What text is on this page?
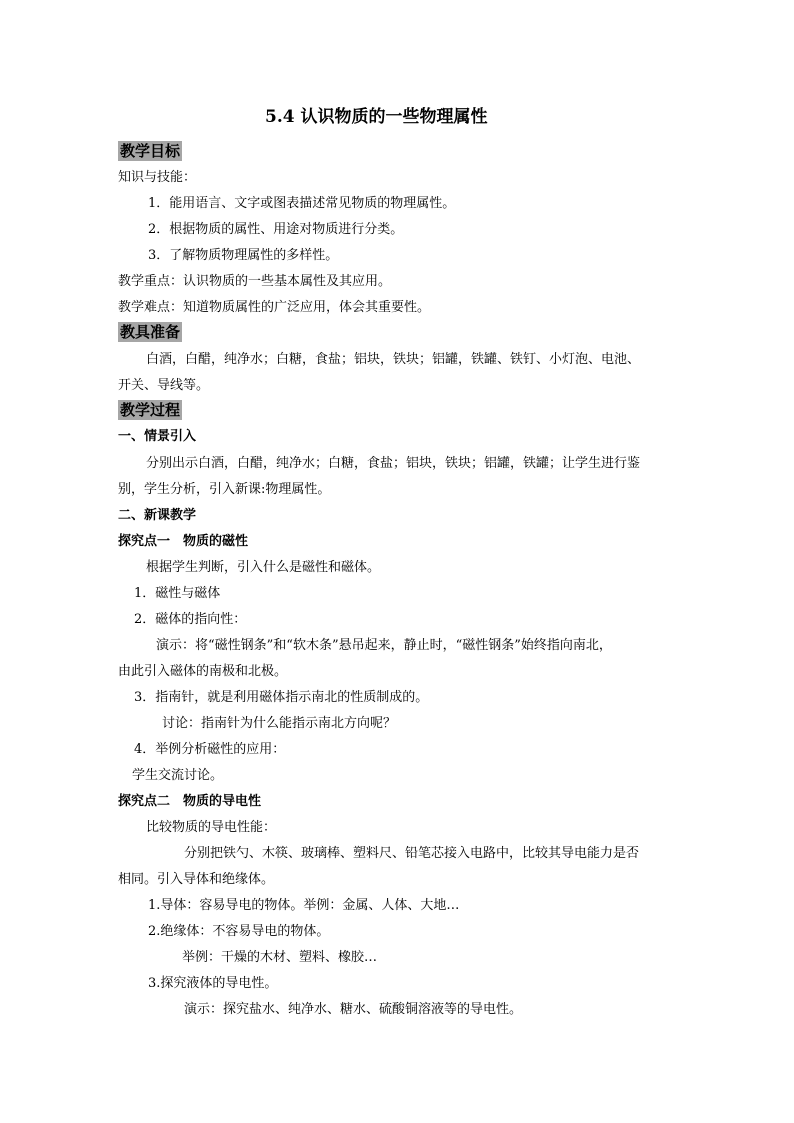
5.4 认识物质的一些物理属性

教学目标

知识与技能：

1．能用语言、文字或图表描述常见物质的物理属性。

2．根据物质的属性、用途对物质进行分类。

3．了解物质物理属性的多样性。

教学重点：认识物质的一些基本属性及其应用。

教学难点：知道物质属性的广泛应用，体会其重要性。

教具准备

白酒，白醋，纯净水；白糖，食盐；铝块，铁块；铝罐，铁罐、铁钉、小灯泡、电池、

开关、导线等。

教学过程

一、情景引入

分别出示白酒，白醋，纯净水；白糖，食盐；铝块，铁块；铝罐，铁罐；让学生进行鉴

别，学生分析，引入新课:物理属性。

二、新课教学

探究点一　物质的磁性

根据学生判断，引入什么是磁性和磁体。

1．磁性与磁体

2．磁体的指向性：

演示：将“磁性钢条”和“软木条”悬吊起来，静止时，“磁性钢条”始终指向南北，

由此引入磁体的南极和北极。

3．指南针，就是利用磁体指示南北的性质制成的。

讨论：指南针为什么能指示南北方向呢？

4．举例分析磁性的应用：

学生交流讨论。

探究点二　物质的导电性

比较物质的导电性能：

分别把铁勺、木筷、玻璃棒、塑料尺、铅笔芯接入电路中，比较其导电能力是否

相同。引入导体和绝缘体。

1.导体：容易导电的物体。举例：金属、人体、大地…

2.绝缘体：不容易导电的物体。

举例：干燥的木材、塑料、橡胶…

3.探究液体的导电性。

演示：探究盐水、纯净水、糖水、硫酸铜溶液等的导电性。
